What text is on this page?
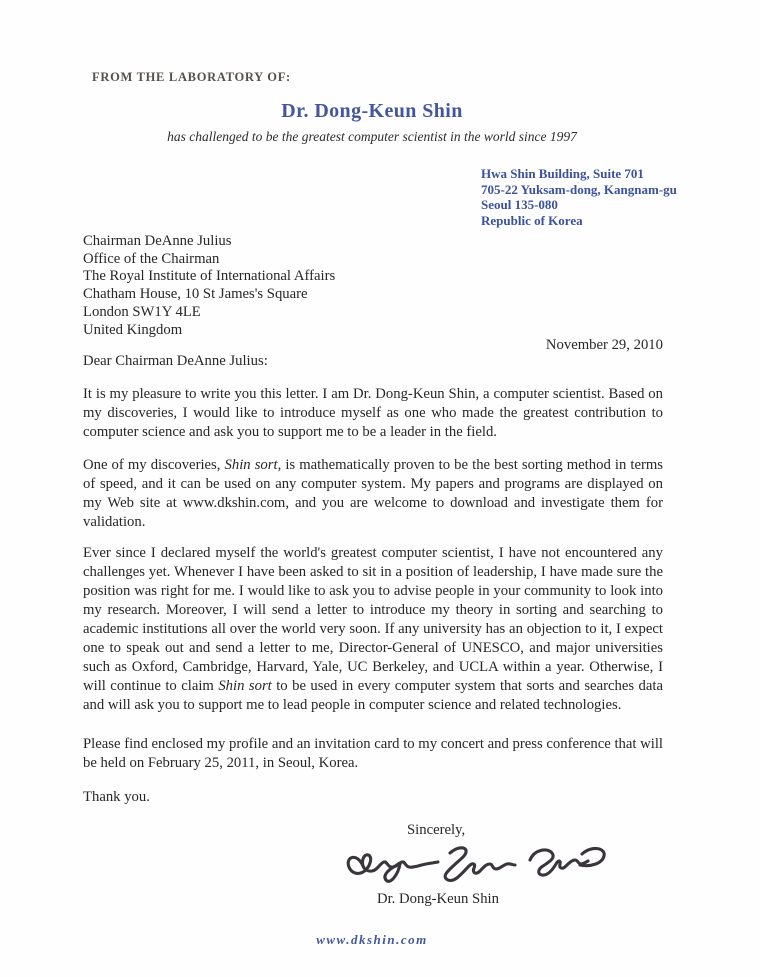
FROM THE LABORATORY OF:
Dr. Dong-Keun Shin
has challenged to be the greatest computer scientist in the world since 1997
Hwa Shin Building, Suite 701
705-22 Yuksam-dong, Kangnam-gu
Seoul 135-080
Republic of Korea
Chairman DeAnne Julius
Office of the Chairman
The Royal Institute of International Affairs
Chatham House, 10 St James's Square
London SW1Y 4LE
United Kingdom
November 29, 2010
Dear Chairman DeAnne Julius:

It is my pleasure to write you this letter. I am Dr. Dong-Keun Shin, a computer scientist. Based on my discoveries, I would like to introduce myself as one who made the greatest contribution to computer science and ask you to support me to be a leader in the field.

One of my discoveries, Shin sort, is mathematically proven to be the best sorting method in terms of speed, and it can be used on any computer system. My papers and programs are displayed on my Web site at www.dkshin.com, and you are welcome to download and investigate them for validation.

Ever since I declared myself the world's greatest computer scientist, I have not encountered any challenges yet. Whenever I have been asked to sit in a position of leadership, I have made sure the position was right for me. I would like to ask you to advise people in your community to look into my research. Moreover, I will send a letter to introduce my theory in sorting and searching to academic institutions all over the world very soon. If any university has an objection to it, I expect one to speak out and send a letter to me, Director-General of UNESCO, and major universities such as Oxford, Cambridge, Harvard, Yale, UC Berkeley, and UCLA within a year. Otherwise, I will continue to claim Shin sort to be used in every computer system that sorts and searches data and will ask you to support me to lead people in computer science and related technologies.

Please find enclosed my profile and an invitation card to my concert and press conference that will be held on February 25, 2011, in Seoul, Korea.

Thank you.
Sincerely,
Dr. Dong-Keun Shin
www.dkshin.com
